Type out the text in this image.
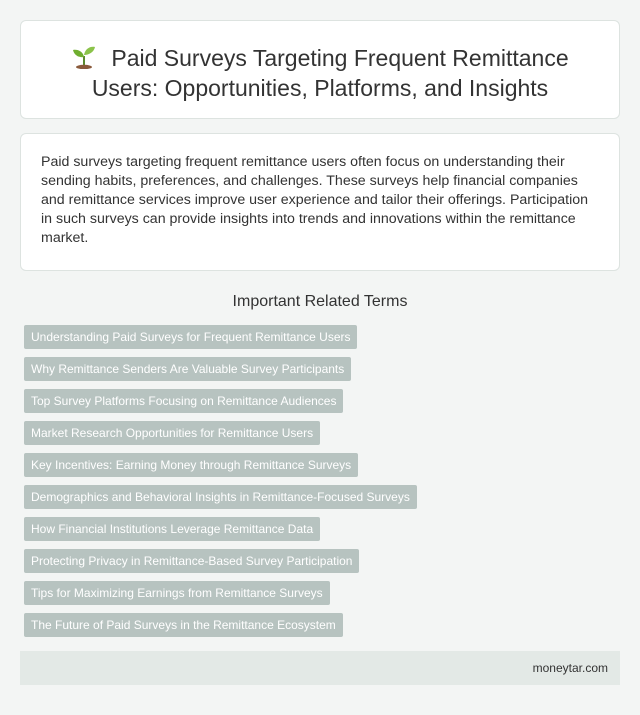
Paid Surveys Targeting Frequent Remittance Users: Opportunities, Platforms, and Insights

Paid surveys targeting frequent remittance users often focus on understanding their sending habits, preferences, and challenges. These surveys help financial companies and remittance services improve user experience and tailor their offerings. Participation in such surveys can provide insights into trends and innovations within the remittance market.

Important Related Terms
Understanding Paid Surveys for Frequent Remittance Users
Why Remittance Senders Are Valuable Survey Participants
Top Survey Platforms Focusing on Remittance Audiences
Market Research Opportunities for Remittance Users
Key Incentives: Earning Money through Remittance Surveys
Demographics and Behavioral Insights in Remittance-Focused Surveys
How Financial Institutions Leverage Remittance Data
Protecting Privacy in Remittance-Based Survey Participation
Tips for Maximizing Earnings from Remittance Surveys
The Future of Paid Surveys in the Remittance Ecosystem
moneytar.com
